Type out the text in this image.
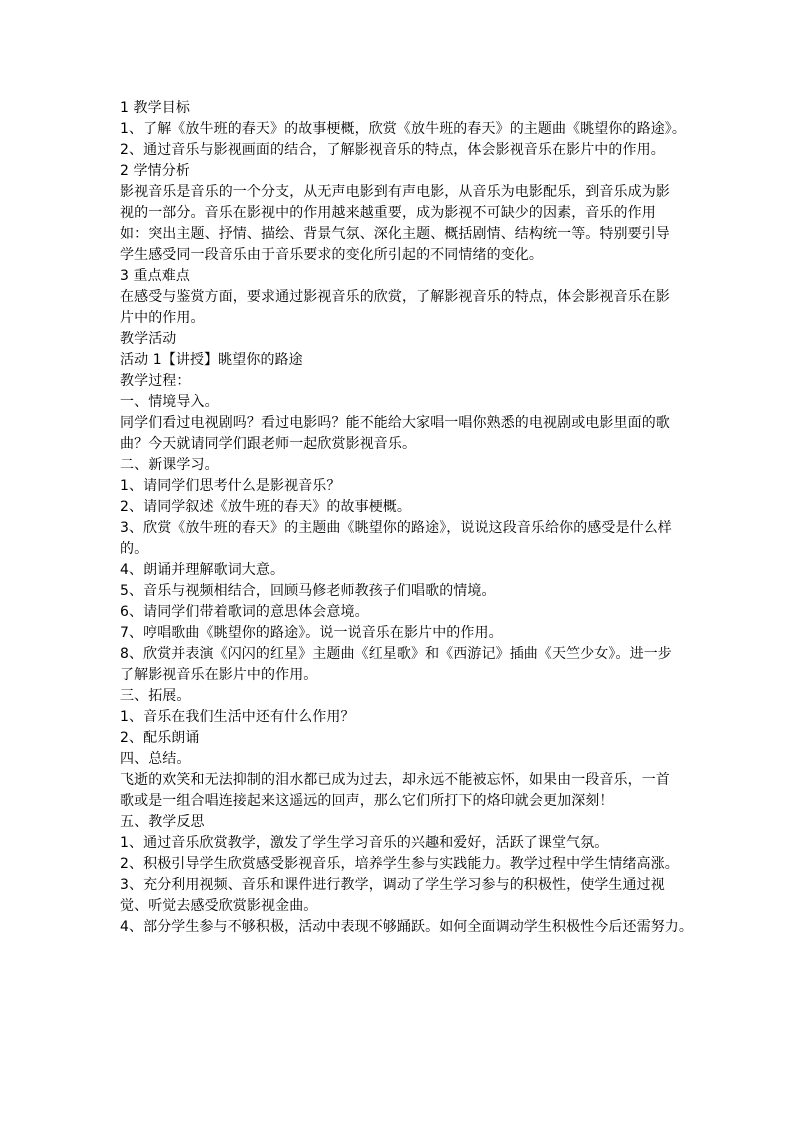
1 教学目标
1、了解《放牛班的春天》的故事梗概，欣赏《放牛班的春天》的主题曲《眺望你的路途》。
2、通过音乐与影视画面的结合，了解影视音乐的特点，体会影视音乐在影片中的作用。
2 学情分析
影视音乐是音乐的一个分支，从无声电影到有声电影，从音乐为电影配乐，到音乐成为影视的一部分。音乐在影视中的作用越来越重要，成为影视不可缺少的因素，音乐的作用如：突出主题、抒情、描绘、背景气氛、深化主题、概括剧情、结构统一等。特别要引导学生感受同一段音乐由于音乐要求的变化所引起的不同情绪的变化。
3 重点难点
在感受与鉴赏方面，要求通过影视音乐的欣赏，了解影视音乐的特点，体会影视音乐在影片中的作用。
教学活动
活动 1【讲授】眺望你的路途
教学过程：
一、情境导入。
同学们看过电视剧吗？看过电影吗？能不能给大家唱一唱你熟悉的电视剧或电影里面的歌曲？今天就请同学们跟老师一起欣赏影视音乐。
二、新课学习。
1、请同学们思考什么是影视音乐？
2、请同学叙述《放牛班的春天》的故事梗概。
3、欣赏《放牛班的春天》的主题曲《眺望你的路途》，说说这段音乐给你的感受是什么样的。
4、朗诵并理解歌词大意。
5、音乐与视频相结合，回顾马修老师教孩子们唱歌的情境。
6、请同学们带着歌词的意思体会意境。
7、哼唱歌曲《眺望你的路途》。说一说音乐在影片中的作用。
8、欣赏并表演《闪闪的红星》主题曲《红星歌》和《西游记》插曲《天竺少女》。进一步了解影视音乐在影片中的作用。
三、拓展。
1、音乐在我们生活中还有什么作用？
2、配乐朗诵
四、总结。
飞逝的欢笑和无法抑制的泪水都已成为过去，却永远不能被忘怀，如果由一段音乐，一首歌或是一组合唱连接起来这遥远的回声，那么它们所打下的烙印就会更加深刻！
五、教学反思
1、通过音乐欣赏教学，激发了学生学习音乐的兴趣和爱好，活跃了课堂气氛。
2、积极引导学生欣赏感受影视音乐，培养学生参与实践能力。教学过程中学生情绪高涨。
3、充分利用视频、音乐和课件进行教学，调动了学生学习参与的积极性，使学生通过视觉、听觉去感受欣赏影视金曲。
4、部分学生参与不够积极，活动中表现不够踊跃。如何全面调动学生积极性今后还需努力。
